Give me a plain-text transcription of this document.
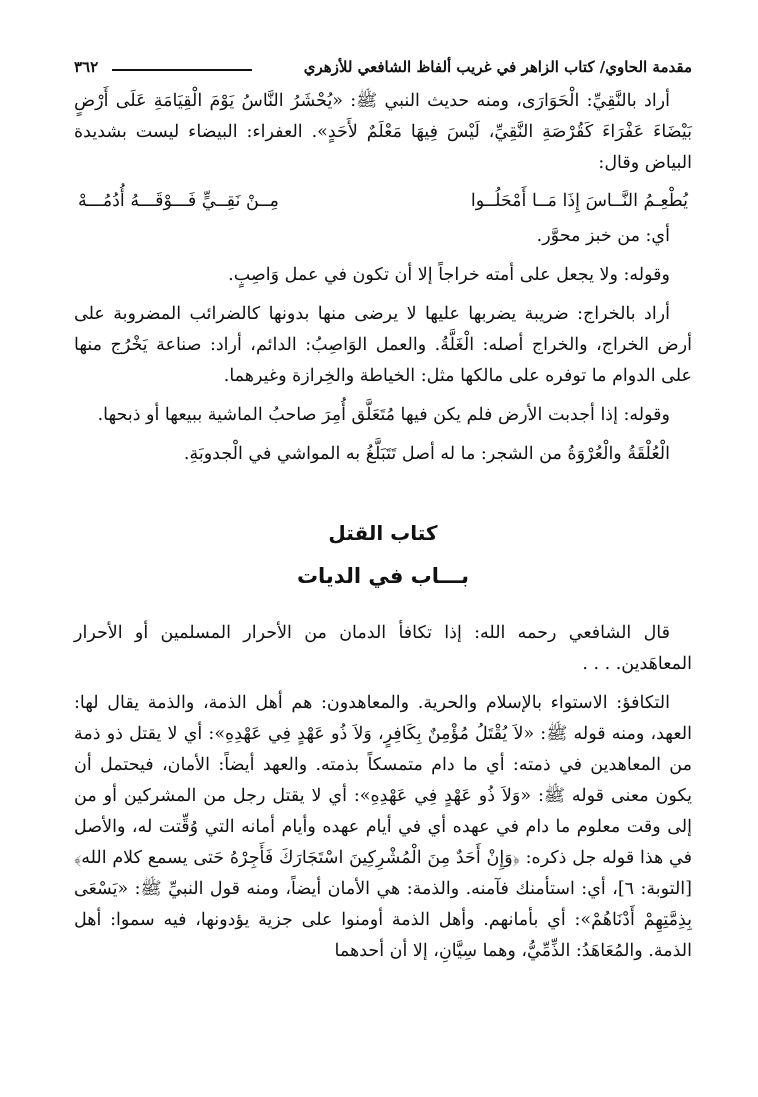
٣٦٢	مقدمة الحاوي/ كتاب الزاهر في غريب ألفاظ الشافعي للأزهري

أراد بالنَّقِيِّ: الْحَوَارَى، ومنه حديث النبي ﷺ: «يُحْشَرُ النَّاسُ يَوْمَ الْقِيَامَةِ عَلَى أَرْضٍ بَيْضَاءَ عَفْرَاءَ كَقُرْصَةِ النَّقِيِّ، لَيْسَ فِيهَا مَعْلَمٌ لأَحَدٍ». العفراء: البيضاء ليست بشديدة البياض وقال:

يُطْعِـمُ النَّــاسَ إِذَا مَــا أَمْحَلُــوا
مِــنْ نَقِــيٍّ فَـــوْقَـــهُ أُدُمُـــهْ

أي: من خبز محوَّر.

وقوله: ولا يجعل على أمته خراجاً إلا أن تكون في عمل وَاصِبٍ.

أراد بالخراج: ضريبة يضربها عليها لا يرضى منها بدونها كالضرائب المضروبة على أرض الخراج، والخراج أصله: الْغَلَّةُ. والعمل الوَاصِبُ: الدائم، أراد: صناعة يَخْرُج منها على الدوام ما توفره على مالكها مثل: الخياطة والخِرازة وغيرهما.

وقوله: إذا أجدبت الأرض فلم يكن فيها مُتَعَلَّق أُمِرَ صاحبُ الماشية ببيعها أو ذبحها.

الْعُلْقَةُ والْعُرْوَةُ من الشجر: ما له أصل تَتَبَلَّغُ به المواشي في الْجدوبَةِ.

كتاب القتل
بـــاب في الديات

قال الشافعي رحمه الله: إذا تكافأ الدمان من الأحرار المسلمين أو الأحرار المعاهَدين. . . .

التكافؤ: الاستواء بالإسلام والحرية. والمعاهدون: هم أهل الذمة، والذمة يقال لها: العهد، ومنه قوله ﷺ: «لاَ يُقْتَلُ مُؤْمِنٌ بِكَافِرٍ، وَلاَ ذُو عَهْدٍ فِي عَهْدِهِ»: أي لا يقتل ذو ذمة من المعاهدين في ذمته: أي ما دام متمسكاً بذمته. والعهد أيضاً: الأمان، فيحتمل أن يكون معنى قوله ﷺ: «وَلاَ ذُو عَهْدٍ فِي عَهْدِهِ»: أي لا يقتل رجل من المشركين أو من إلى وقت معلوم ما دام في عهده أي في أيام عهده وأيام أمانه التي وُقِّتت له، والأصل في هذا قوله جل ذكره: ﴿وَإِنْ أَحَدٌ مِنَ الْمُشْرِكِينَ اسْتَجَارَكَ فَأَجِرْهُ حَتى يسمع كلام الله﴾ [التوبة: ٦]، أي: استأمنك فآمنه. والذمة: هي الأمان أيضاً، ومنه قول النبيِّ ﷺ: «يَسْعَى بِذِمَّتِهِمْ أَدْنَاهُمْ»: أي بأمانهم. وأهل الذمة أومنوا على جزية يؤدونها، فيه سموا: أهل الذمة. والمُعَاهَدُ: الذِّمِّيُّ، وهما سِيَّانِ، إلا أن أحدهما
